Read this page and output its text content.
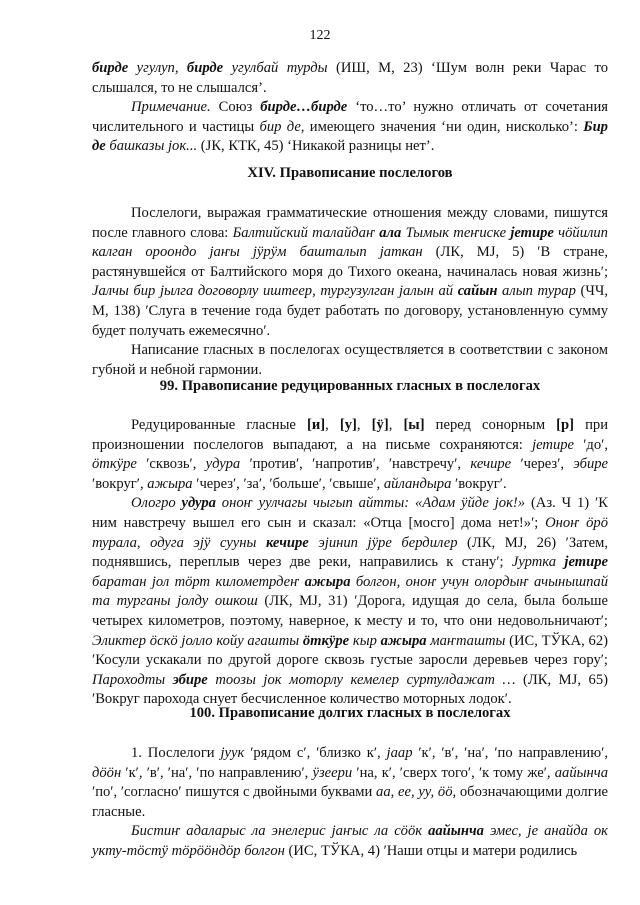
122

бирде угулуп, бирде угулбай турды (ИШ, М, 23) ‘Шум волн реки Чарас то слышался, то не слышался’.

Примечание. Союз бирде…бирде ‘то…то’ нужно отличать от сочетания числительного и частицы бир де, имеющего значения ‘ни один, нисколько’: Бир де башказы jок... (ЈК, КТК, 45) ‘Никакой разницы нет’.

XIV. Правописание послелогов

Послелоги, выражая грамматические отношения между словами, пишутся после главного слова: Балтийский талайдаҥ ала Тымык теҥиске јетире чöйилип калган ороондо јаҥы јÿрÿм башталып jаткан (ЛК, МЈ, 5) ʹВ стране, растянувшейся от Балтийского моря до Тихого океана, начиналась новая жизньʹ; Јалчы бир jылга договорлу иштеер, тургузулган jалын ай сайын алып турар (ЧЧ, М, 138) ʹСлуга в течение года будет работать по договору, установленную сумму будет получать ежемесячноʹ.

Написание гласных в послелогах осуществляется в соответствии с законом губной и небной гармонии.

99. Правописание редуцированных гласных в послелогах

Редуцированные гласные [и], [у], [ÿ], [ы] перед сонорным [р] при произношении послелогов выпадают, а на письме сохраняются: јетире ʹдоʹ, öткÿре ʹсквозьʹ, удура ʹпротивʹ, ʹнапротивʹ, ʹнавстречуʹ, кечире ʹчерезʹ, эбире ʹвокругʹ, ажыра ʹчерезʹ, ʹзаʹ, ʹбольшеʹ, ʹсвышеʹ, айландыра ʹвокругʹ.

Ологро удура оноҥ уулчагы чыгып айтты: «Адам ÿйде jок!» (Аз. Ч 1) ʹК ним навстречу вышел его сын и сказал: «Отца [мосго] дома нет!»ʹ; Оноҥ öрö турала, одуга эјÿ сууны кечире эјинип јÿре бердилер (ЛК, МЈ, 26) ʹЗатем, поднявшись, переплыв через две реки, направились к стануʹ; Јуртка јетире баратан јол тöрт километрдеҥ ажыра болгон, оноҥ учун олордыҥ ачынышпай та турганы јолду ошкош (ЛК, МЈ, 31) ʹДорога, идущая до села, была больше четырех километров, поэтому, наверное, к месту и то, что они недовольничаютʹ; Эликтер öскö јолло койу агашты öткÿре кыр ажыра маҥташты (ИС, ТЎКА, 62) ʹКосули ускакали по другой дороге сквозь густые заросли деревьев через горуʹ; Пароходты эбире тоозы јок моторлу кемелер суртулдажат … (ЛК, МЈ, 65) ʹВокруг парохода снует бесчисленное количество моторных лодокʹ.

100. Правописание долгих гласных в послелогах

1. Послелоги јуук ʹрядом сʹ, ʹблизко кʹ, јаар ʹкʹ, ʹвʹ, ʹнаʹ, ʹпо направлениюʹ, дööн ʹкʹ, ʹвʹ, ʹнаʹ, ʹпо направлениюʹ, ÿзеери ʹна, кʹ, ʹсверх тогоʹ, ʹк тому жеʹ, аайынча ʹпоʹ, ʹсогласноʹ пишутся с двойными буквами аа, ее, уу, öö, обозначающими долгие гласные.

Бистиҥ адаларыс ла энелерис јаҥыс ла сööк аайынча эмес, јe анайда ок укту-тöстÿ тöрööндöр болгон (ИС, ТЎКА, 4) ʹНаши отцы и матери родились
